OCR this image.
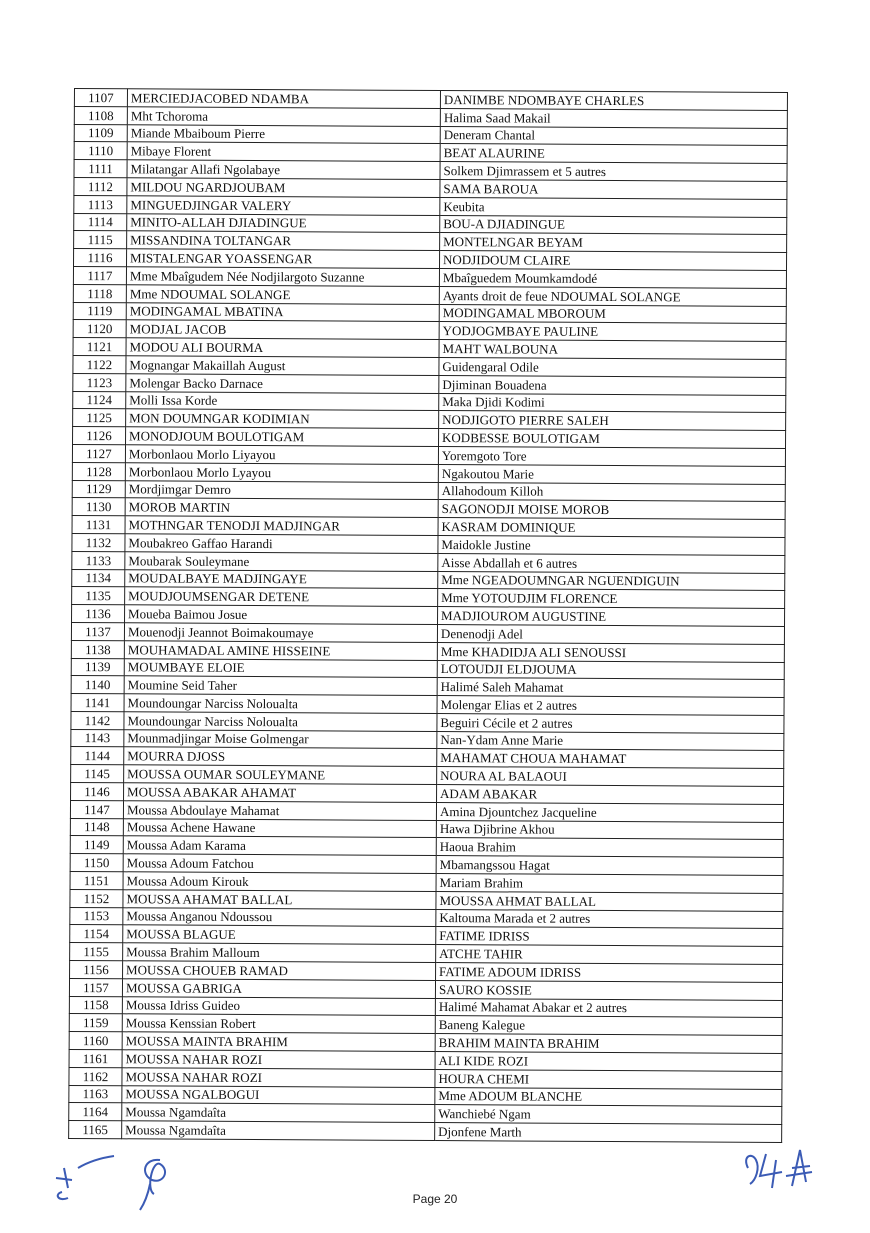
1107	MERCIEDJACOBED NDAMBA	DANIMBE NDOMBAYE CHARLES
1108	Mht Tchoroma	Halima Saad Makail
1109	Miande Mbaiboum Pierre	Deneram Chantal
1110	Mibaye Florent	BEAT ALAURINE
1111	Milatangar Allafi Ngolabaye	Solkem Djimrassem et 5 autres
1112	MILDOU NGARDJOUBAM	SAMA BAROUA
1113	MINGUEDJINGAR VALERY	Keubita
1114	MINITO-ALLAH DJIADINGUE	BOU-A DJIADINGUE
1115	MISSANDINA TOLTANGAR	MONTELNGAR BEYAM
1116	MISTALENGAR YOASSENGAR	NODJIDOUM CLAIRE
1117	Mme Mbaîgudem Née Nodjilargoto Suzanne	Mbaîguedem Moumkamdodé
1118	Mme NDOUMAL SOLANGE	Ayants droit de feue NDOUMAL SOLANGE
1119	MODINGAMAL MBATINA	MODINGAMAL MBOROUM
1120	MODJAL JACOB	YODJOGMBAYE PAULINE
1121	MODOU ALI BOURMA	MAHT WALBOUNA
1122	Mognangar Makaillah August	Guidengaral Odile
1123	Molengar Backo Darnace	Djiminan Bouadena
1124	Molli Issa Korde	Maka Djidi Kodimi
1125	MON DOUMNGAR KODIMIAN	NODJIGOTO PIERRE SALEH
1126	MONODJOUM BOULOTIGAM	KODBESSE BOULOTIGAM
1127	Morbonlaou Morlo Liyayou	Yoremgoto Tore
1128	Morbonlaou Morlo Lyayou	Ngakoutou Marie
1129	Mordjimgar Demro	Allahodoum Killoh
1130	MOROB MARTIN	SAGONODJI MOISE MOROB
1131	MOTHNGAR TENODJI MADJINGAR	KASRAM DOMINIQUE
1132	Moubakreo Gaffao Harandi	Maidokle Justine
1133	Moubarak Souleymane	Aisse Abdallah et 6 autres
1134	MOUDALBAYE MADJINGAYE	Mme NGEADOUMNGAR NGUENDIGUIN
1135	MOUDJOUMSENGAR DETENE	Mme YOTOUDJIM FLORENCE
1136	Moueba Baimou Josue	MADJIOUROM AUGUSTINE
1137	Mouenodji Jeannot Boimakoumaye	Denenodji Adel
1138	MOUHAMADAL AMINE HISSEINE	Mme KHADIDJA ALI SENOUSSI
1139	MOUMBAYE ELOIE	LOTOUDJI ELDJOUMA
1140	Moumine Seid Taher	Halimé Saleh Mahamat
1141	Moundoungar Narciss Noloualta	Molengar Elias et 2 autres
1142	Moundoungar Narciss Noloualta	Beguiri Cécile et 2 autres
1143	Mounmadjingar Moise Golmengar	Nan-Ydam Anne Marie
1144	MOURRA DJOSS	MAHAMAT CHOUA MAHAMAT
1145	MOUSSA OUMAR SOULEYMANE	NOURA AL BALAOUI
1146	MOUSSA ABAKAR AHAMAT	ADAM ABAKAR
1147	Moussa Abdoulaye Mahamat	Amina Djountchez Jacqueline
1148	Moussa Achene Hawane	Hawa Djibrine Akhou
1149	Moussa Adam Karama	Haoua Brahim
1150	Moussa Adoum Fatchou	Mbamangssou Hagat
1151	Moussa Adoum Kirouk	Mariam Brahim
1152	MOUSSA AHAMAT BALLAL	MOUSSA AHMAT BALLAL
1153	Moussa Anganou Ndoussou	Kaltouma Marada et 2 autres
1154	MOUSSA BLAGUE	FATIME IDRISS
1155	Moussa Brahim Malloum	ATCHE TAHIR
1156	MOUSSA CHOUEB RAMAD	FATIME ADOUM IDRISS
1157	MOUSSA GABRIGA	SAURO KOSSIE
1158	Moussa Idriss Guideo	Halimé Mahamat Abakar et 2 autres
1159	Moussa Kenssian Robert	Baneng Kalegue
1160	MOUSSA MAINTA BRAHIM	BRAHIM MAINTA BRAHIM
1161	MOUSSA NAHAR ROZI	ALI KIDE ROZI
1162	MOUSSA NAHAR ROZI	HOURA CHEMI
1163	MOUSSA NGALBOGUI	Mme ADOUM BLANCHE
1164	Moussa Ngamdaîta	Wanchiebé Ngam
1165	Moussa Ngamdaîta	Djonfene Marth
Page 20
